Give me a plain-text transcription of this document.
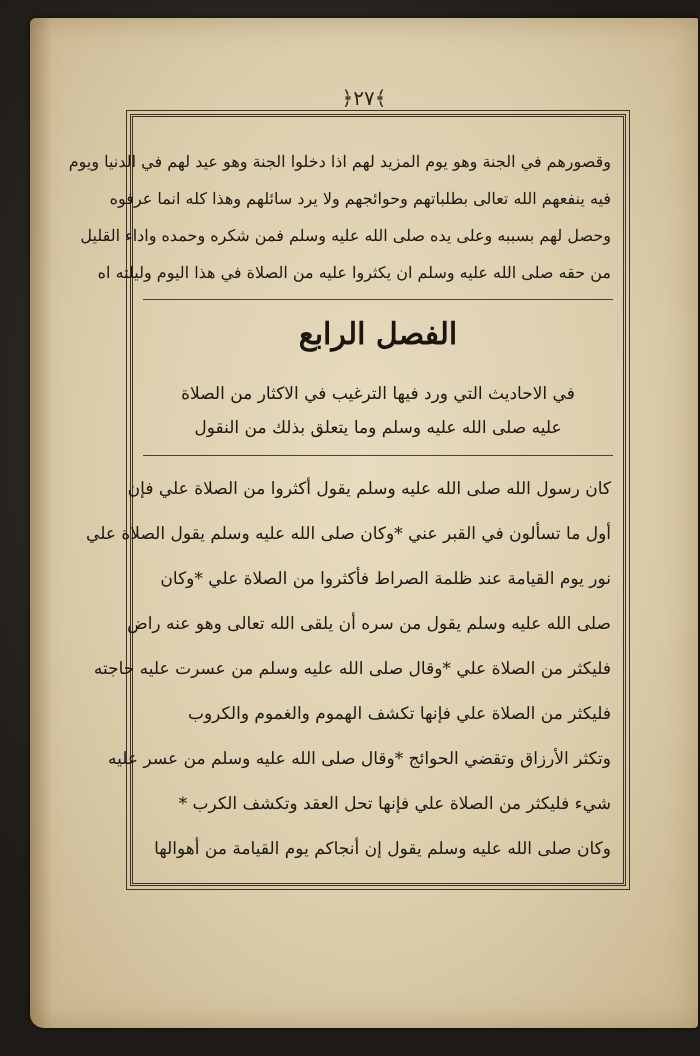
﴿٢٧﴾
وقصورهم في الجنة وهو يوم المزيد لهم اذا دخلوا الجنة وهو عيد لهم في الدنيا ويوم
فيه ينفعهم الله تعالى بطلباتهم وحوائجهم ولا يرد سائلهم وهذا كله انما عرفوه
وحصل لهم بسببه وعلى يده صلى الله عليه وسلم فمن شكره وحمده واداء القليل
من حقه صلى الله عليه وسلم ان يكثروا عليه من الصلاة في هذا اليوم وليلته اه
الفصل الرابع
في الاحاديث التي ورد فيها الترغيب في الاكثار من الصلاة
عليه صلى الله عليه وسلم وما يتعلق بذلك من النقول
كان رسول الله صلى الله عليه وسلم يقول أكثروا من الصلاة علي فإن
أول ما تسألون في القبر عني *وكان صلى الله عليه وسلم يقول الصلاة علي
نور يوم القيامة عند ظلمة الصراط فأكثروا من الصلاة علي *وكان
صلى الله عليه وسلم يقول من سره أن يلقى الله تعالى وهو عنه راض
فليكثر من الصلاة علي *وقال صلى الله عليه وسلم من عسرت عليه حاجته
فليكثر من الصلاة علي فإنها تكشف الهموم والغموم والكروب
وتكثر الأرزاق وتقضي الحوائج *وقال صلى الله عليه وسلم من عسر عليه
شيء فليكثر من الصلاة علي فإنها تحل العقد وتكشف الكرب *
وكان صلى الله عليه وسلم يقول إن أنجاكم يوم القيامة من أهوالها
